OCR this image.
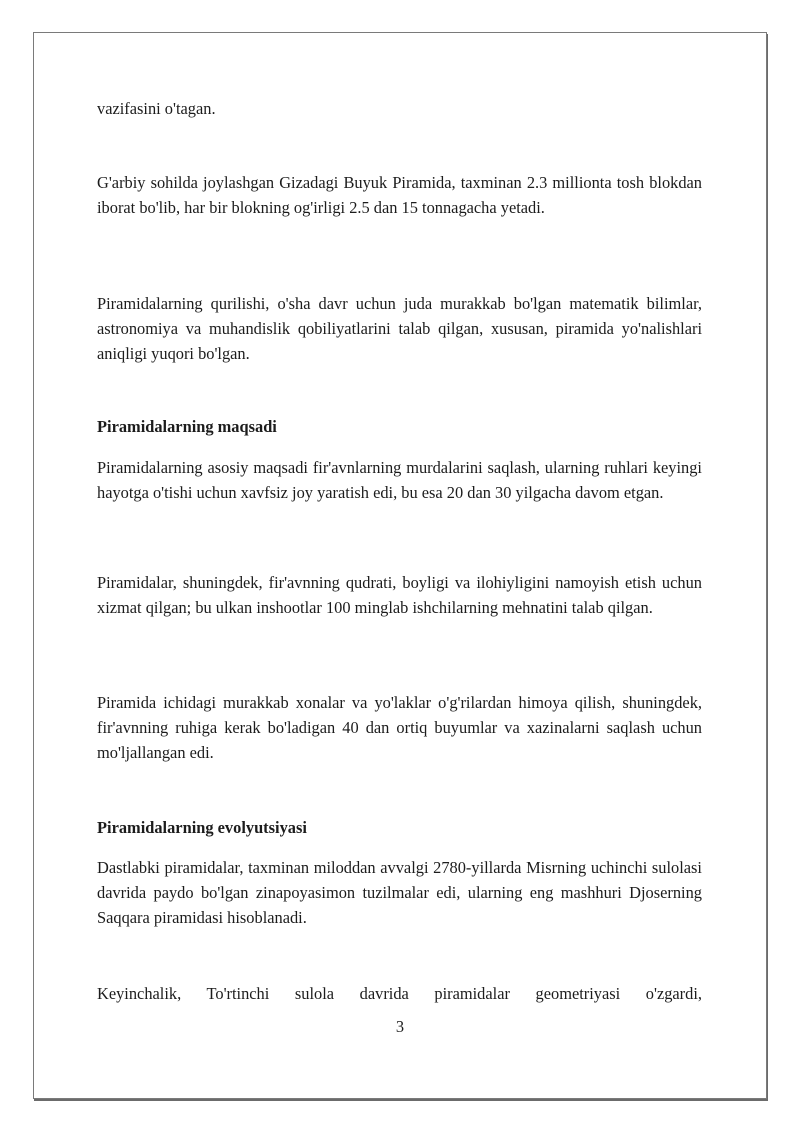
vazifasini o'tagan.

G'arbiy sohilda joylashgan Gizadagi Buyuk Piramida, taxminan 2.3 millionta tosh blokdan iborat bo'lib, har bir blokning og'irligi 2.5 dan 15 tonnagacha yetadi.

Piramidalarning qurilishi, o'sha davr uchun juda murakkab bo'lgan matematik bilimlar, astronomiya va muhandislik qobiliyatlarini talab qilgan, xususan, piramida yo'nalishlari aniqligi yuqori bo'lgan.

Piramidalarning maqsadi

Piramidalarning asosiy maqsadi fir'avnlarning murdalarini saqlash, ularning ruhlari keyingi hayotga o'tishi uchun xavfsiz joy yaratish edi, bu esa 20 dan 30 yilgacha davom etgan.

Piramidalar, shuningdek, fir'avnning qudrati, boyligi va ilohiyligini namoyish etish uchun xizmat qilgan; bu ulkan inshootlar 100 minglab ishchilarning mehnatini talab qilgan.

Piramida ichidagi murakkab xonalar va yo'laklar o'g'rilardan himoya qilish, shuningdek, fir'avnning ruhiga kerak bo'ladigan 40 dan ortiq buyumlar va xazinalarni saqlash uchun mo'ljallangan edi.

Piramidalarning evolyutsiyasi

Dastlabki piramidalar, taxminan miloddan avvalgi 2780-yillarda Misrning uchinchi sulolasi davrida paydo bo'lgan zinapoyasimon tuzilmalar edi, ularning eng mashhuri Djoserning Saqqara piramidasi hisoblanadi.

Keyinchalik, To'rtinchi sulola davrida piramidalar geometriyasi o'zgardi,

3
